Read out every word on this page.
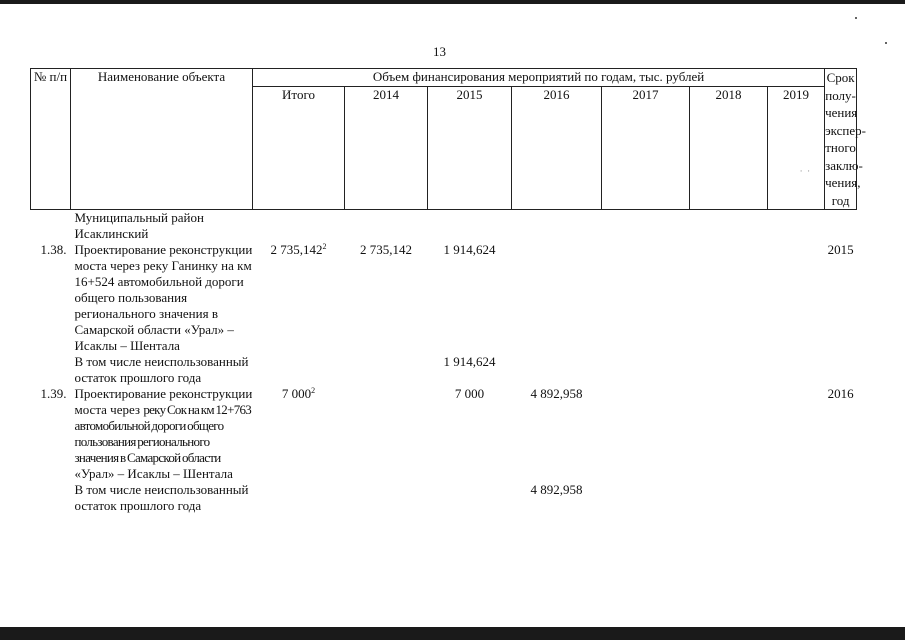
13
№ п/п	Наименование объекта	Объем финансирования мероприятий по годам, тыс. рублей							Срок полу-чения экспер-тного заклю-чения, год
		Итого	2014	2015	2016	2017	2018	2019
·  ·	

	Муниципальный район Исаклинский								
1.38.	Проектирование реконструкции моста через реку Ганинку на км 16+524 автомобильной дороги общего пользования регионального значения в Самарской области «Урал» – Исаклы – Шентала	2 735,142$^2$	2 735,142	1 914,624					2015
	В том числе неиспользованный остаток прошлого года			1 914,624					
1.39.	Проектирование реконструкции моста через реку Сок на км 12+763 автомобильной дороги общего пользования регионального значения в Самарской области «Урал» – Исаклы – Шентала	7 $000^2$		7 000	4 892,958				2016
	В том числе неиспользованный остаток прошлого года				4 892,958				
